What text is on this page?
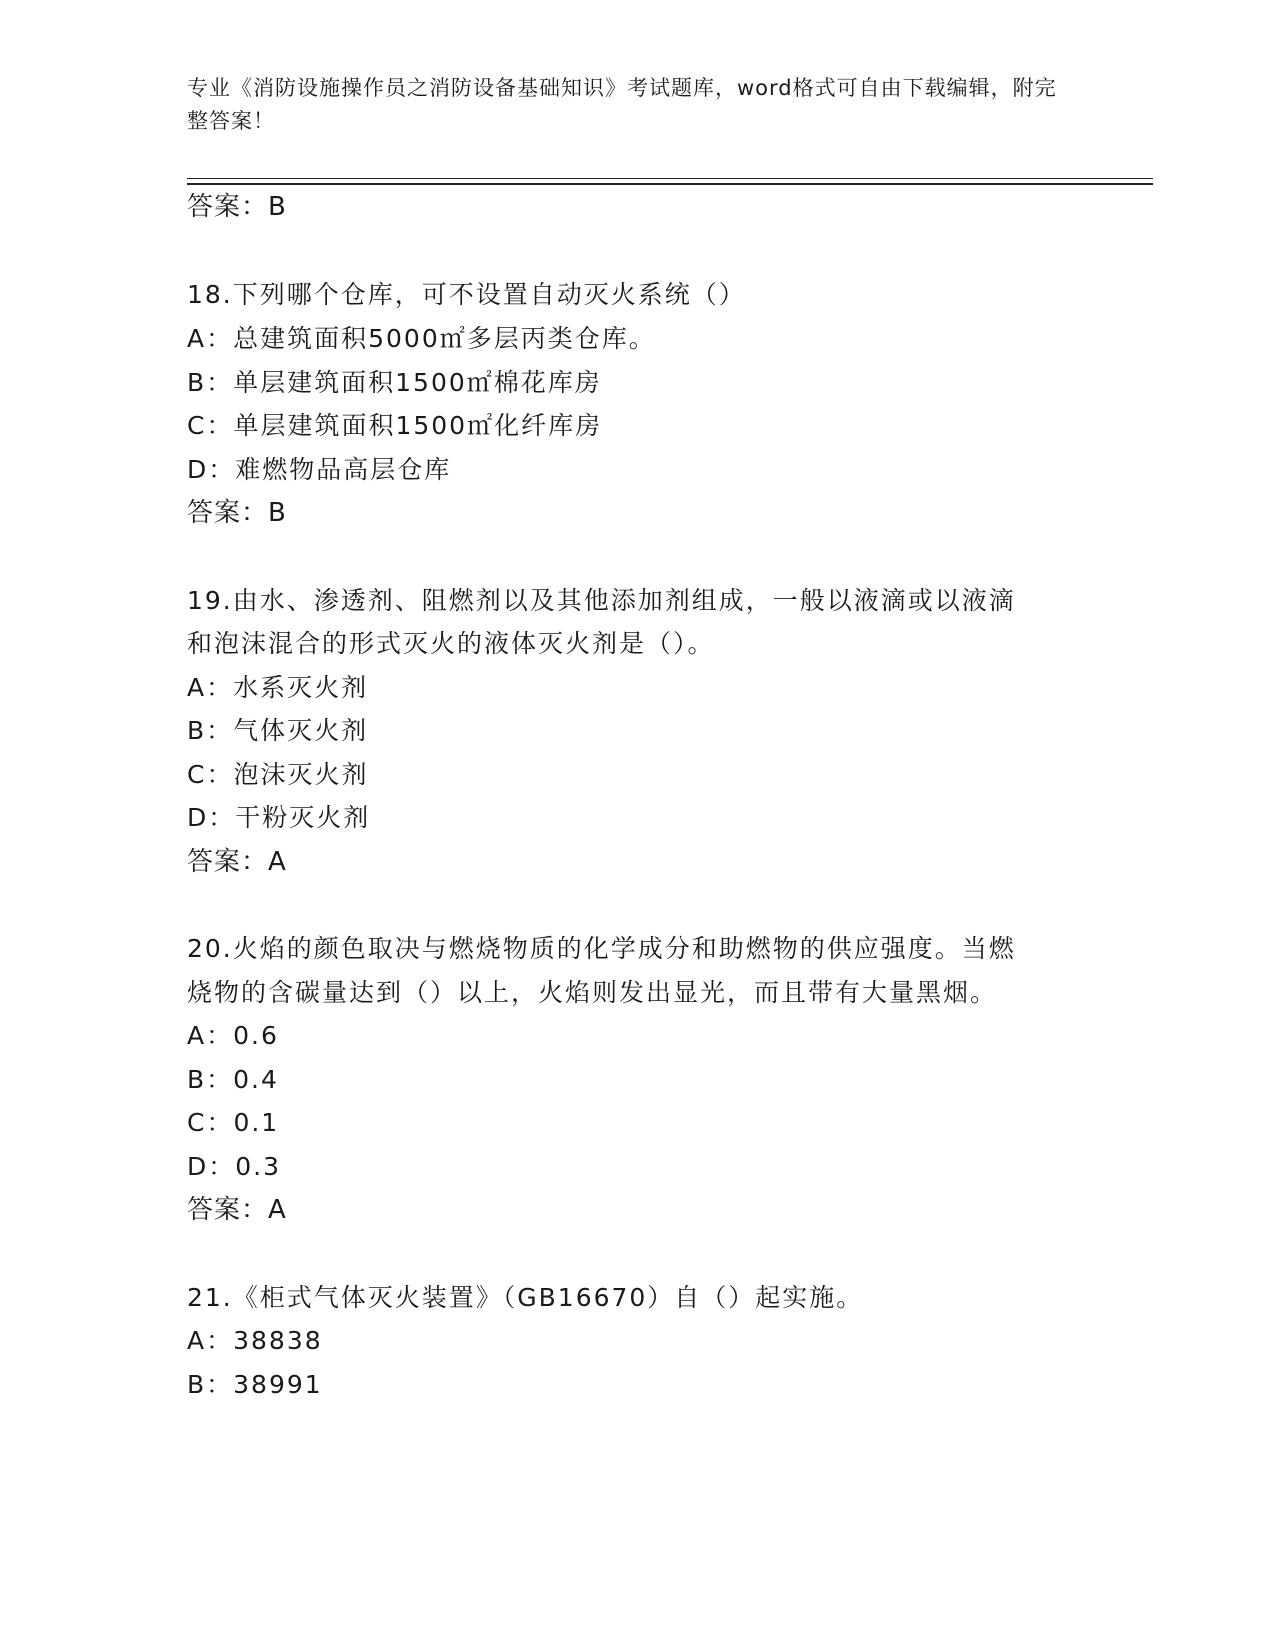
专业《消防设施操作员之消防设备基础知识》考试题库，word格式可自由下载编辑，附完整答案！
答案：B
18.下列哪个仓库，可不设置自动灭火系统（）
A：总建筑面积5000㎡多层丙类仓库。
B：单层建筑面积1500㎡棉花库房
C：单层建筑面积1500㎡化纤库房
D：难燃物品高层仓库
答案：B
19.由水、渗透剂、阻燃剂以及其他添加剂组成，一般以液滴或以液滴
和泡沫混合的形式灭火的液体灭火剂是（）。
A：水系灭火剂
B：气体灭火剂
C：泡沫灭火剂
D：干粉灭火剂
答案：A
20.火焰的颜色取决与燃烧物质的化学成分和助燃物的供应强度。当燃
烧物的含碳量达到（）以上，火焰则发出显光，而且带有大量黑烟。
A：0.6
B：0.4
C：0.1
D：0.3
答案：A
21.《柜式气体灭火装置》（GB16670）自（）起实施。
A：38838
B：38991
